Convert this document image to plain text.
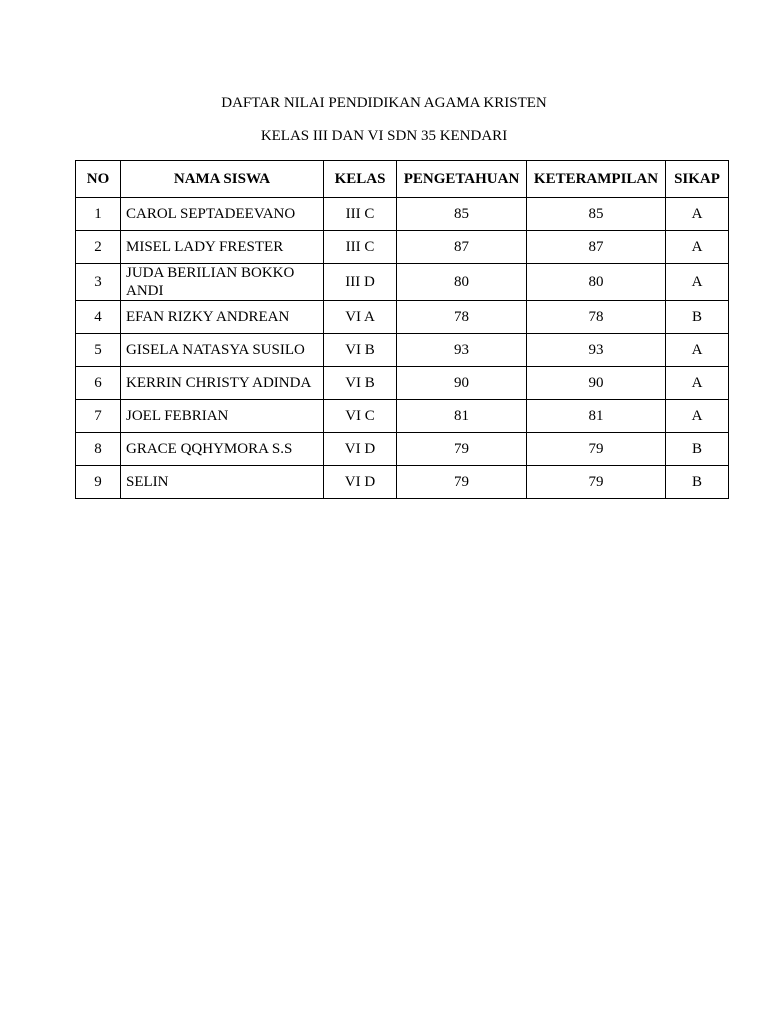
DAFTAR NILAI PENDIDIKAN AGAMA KRISTEN
KELAS III DAN VI SDN 35 KENDARI
NO	NAMA SISWA	KELAS	PENGETAHUAN	KETERAMPILAN	SIKAP
1	CAROL SEPTADEEVANO	III C	85	85	A
2	MISEL LADY FRESTER	III C	87	87	A
3	JUDA BERILIAN BOKKO ANDI	III D	80	80	A
4	EFAN RIZKY ANDREAN	VI A	78	78	B
5	GISELA NATASYA SUSILO	VI B	93	93	A
6	KERRIN CHRISTY ADINDA	VI B	90	90	A
7	JOEL FEBRIAN	VI C	81	81	A
8	GRACE QQHYMORA S.S	VI D	79	79	B
9	SELIN	VI D	79	79	B
